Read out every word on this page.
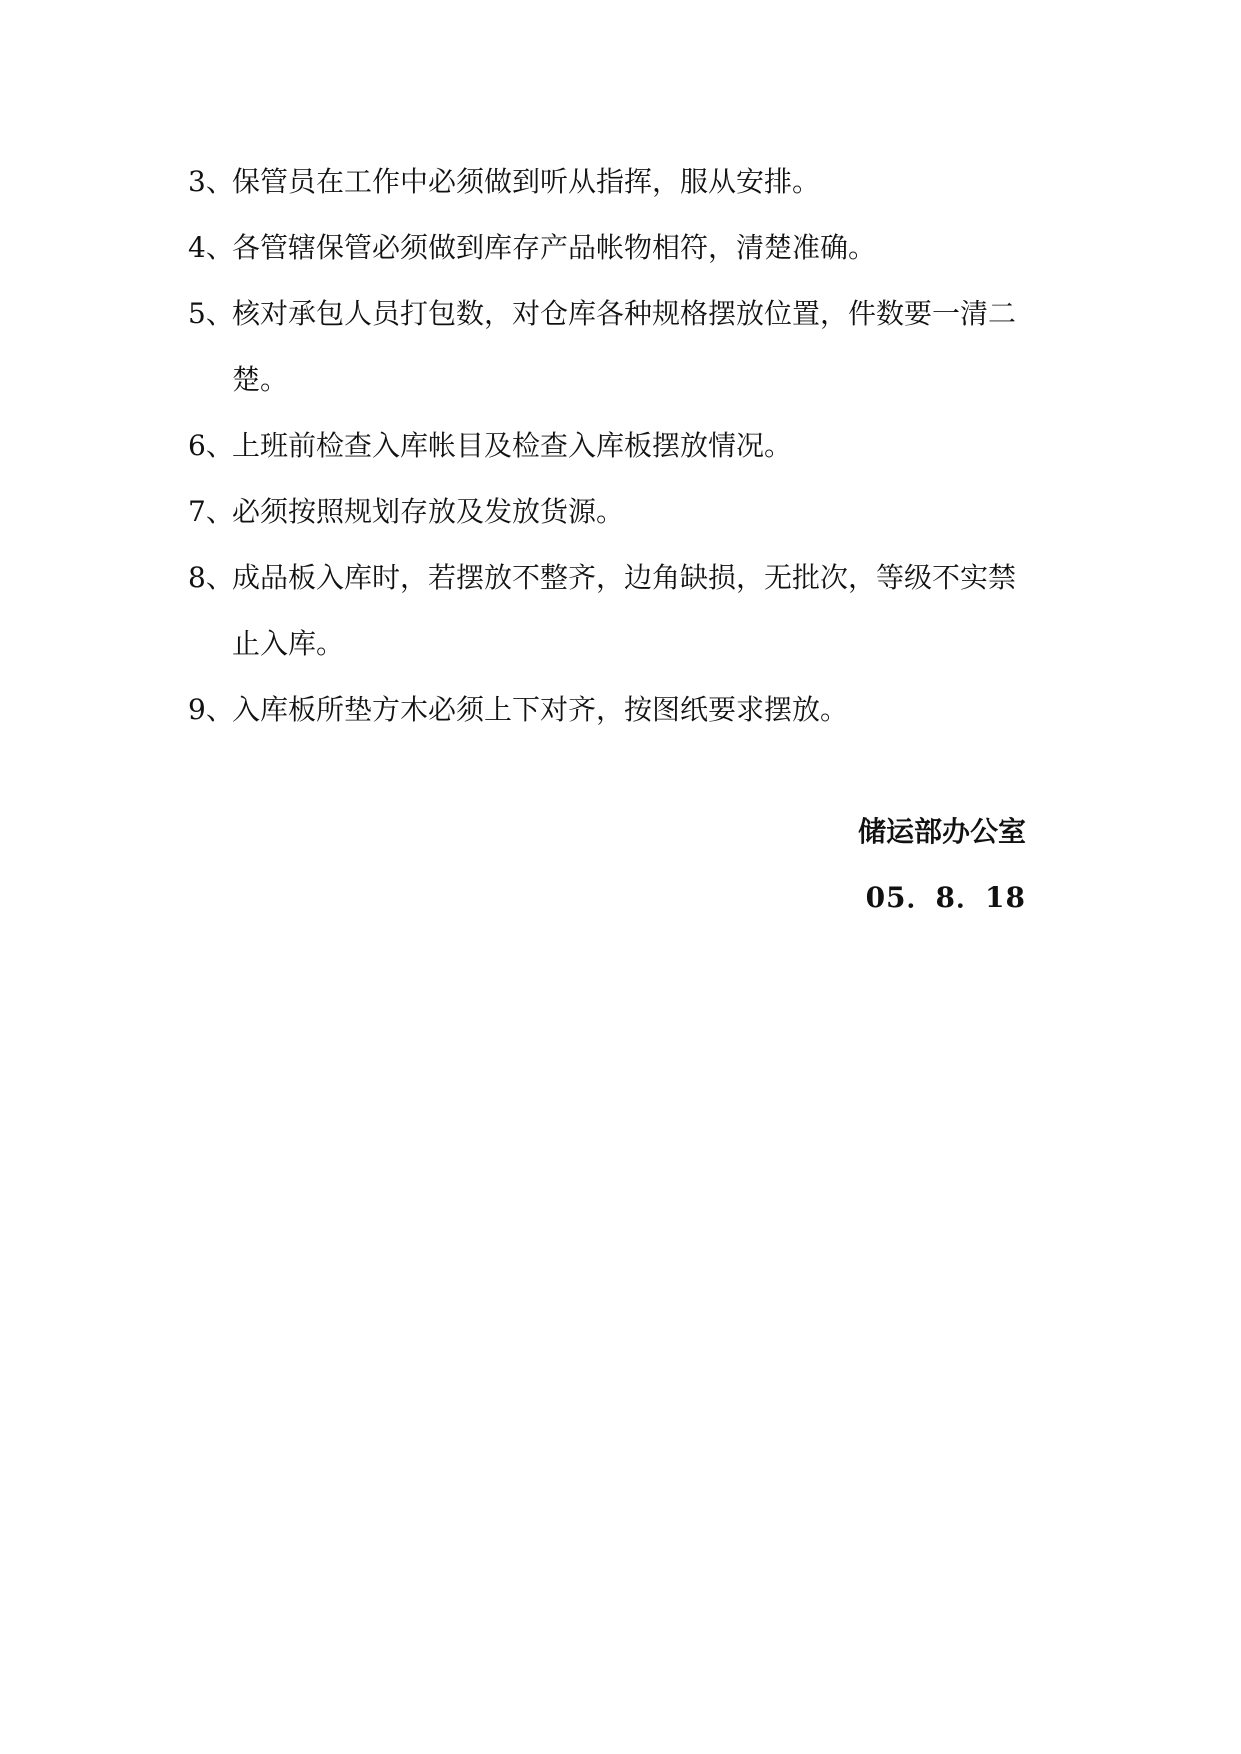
3、
保管员在工作中必须做到听从指挥，服从安排。
4、
各管辖保管必须做到库存产品帐物相符，清楚准确。
5、
核对承包人员打包数，对仓库各种规格摆放位置，件数要一清二
楚。
6、
上班前检查入库帐目及检查入库板摆放情况。
7、
必须按照规划存放及发放货源。
8、
成品板入库时，若摆放不整齐，边角缺损，无批次，等级不实禁
止入库。
9、
入库板所垫方木必须上下对齐，按图纸要求摆放。
储运部办公室
05．8．18
